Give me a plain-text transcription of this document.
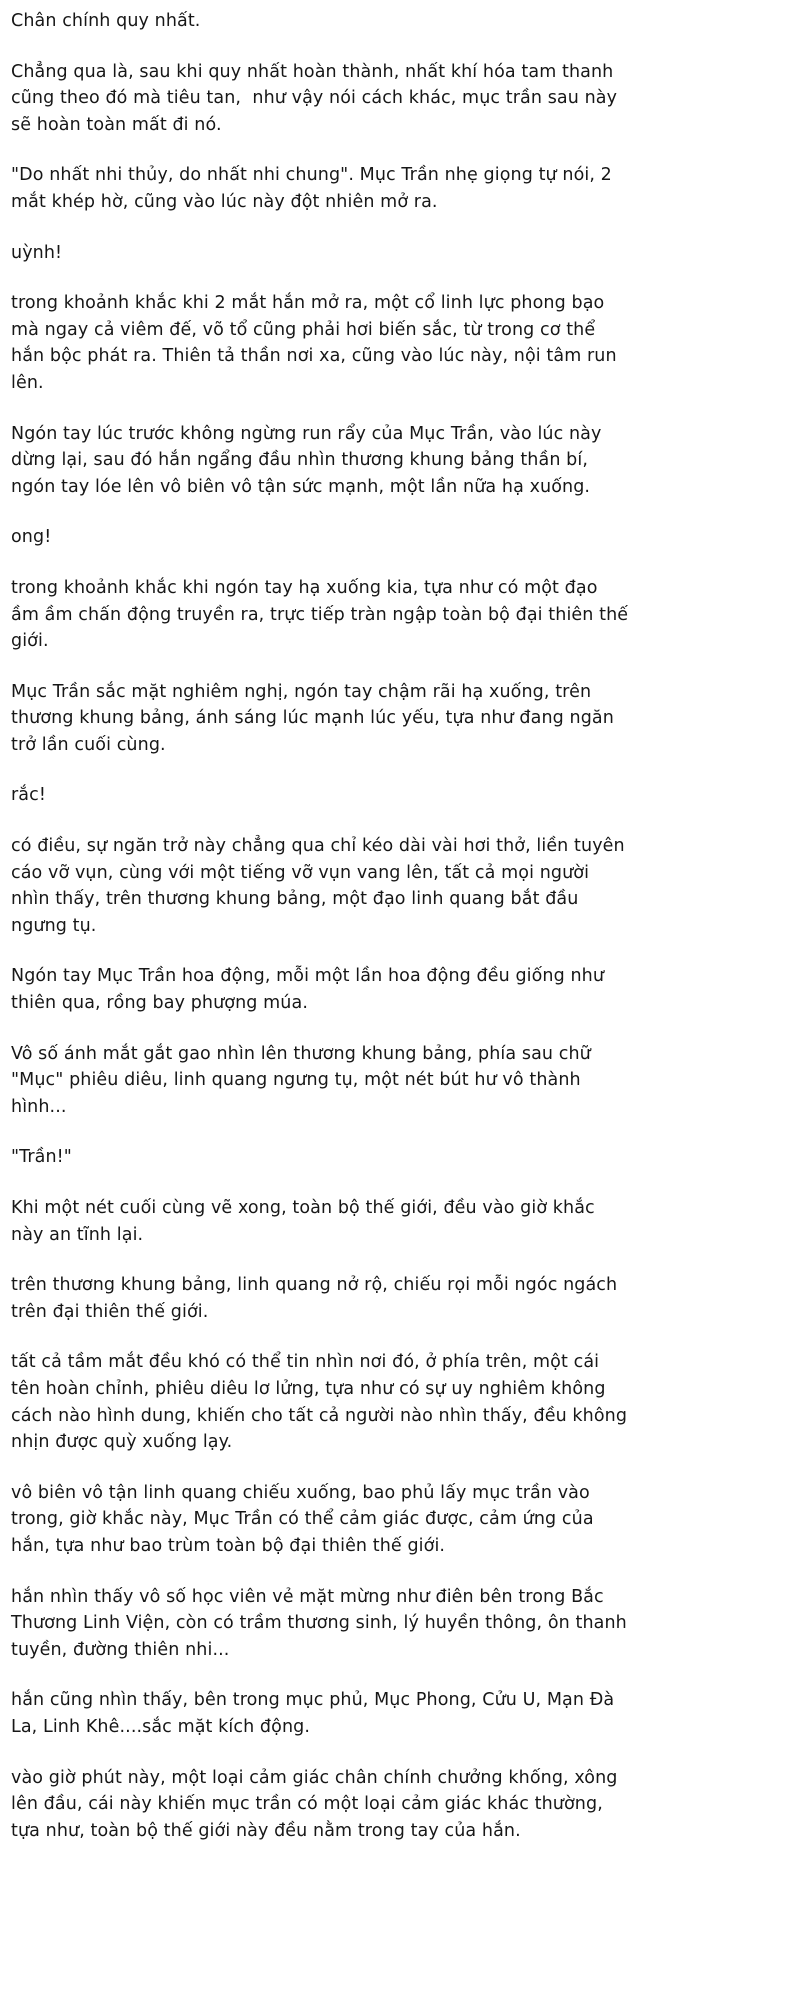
Chân chính quy nhất.

Chẳng qua là, sau khi quy nhất hoàn thành, nhất khí hóa tam thanh cũng theo đó mà tiêu tan,  như vậy nói cách khác, mục trần sau này sẽ hoàn toàn mất đi nó.

"Do nhất nhi thủy, do nhất nhi chung". Mục Trần nhẹ giọng tự nói, 2 mắt khép hờ, cũng vào lúc này đột nhiên mở ra.

uỳnh!

trong khoảnh khắc khi 2 mắt hắn mở ra, một cổ linh lực phong bạo mà ngay cả viêm đế, võ tổ cũng phải hơi biến sắc, từ trong cơ thể hắn bộc phát ra. Thiên tả thần nơi xa, cũng vào lúc này, nội tâm run lên.

Ngón tay lúc trước không ngừng run rẩy của Mục Trần, vào lúc này dừng lại, sau đó hắn ngẩng đầu nhìn thương khung bảng thần bí, ngón tay lóe lên vô biên vô tận sức mạnh, một lần nữa hạ xuống.

ong!

trong khoảnh khắc khi ngón tay hạ xuống kia, tựa như có một đạo ầm ầm chấn động truyền ra, trực tiếp tràn ngập toàn bộ đại thiên thế giới.

Mục Trần sắc mặt nghiêm nghị, ngón tay chậm rãi hạ xuống, trên thương khung bảng, ánh sáng lúc mạnh lúc yếu, tựa như đang ngăn trở lần cuối cùng.

rắc!

có điều, sự ngăn trở này chẳng qua chỉ kéo dài vài hơi thở, liền tuyên cáo vỡ vụn, cùng với một tiếng vỡ vụn vang lên, tất cả mọi người nhìn thấy, trên thương khung bảng, một đạo linh quang bắt đầu ngưng tụ.

Ngón tay Mục Trần hoa động, mỗi một lần hoa động đều giống như thiên qua, rồng bay phượng múa.

Vô số ánh mắt gắt gao nhìn lên thương khung bảng, phía sau chữ "Mục" phiêu diêu, linh quang ngưng tụ, một nét bút hư vô thành hình...

"Trần!"

Khi một nét cuối cùng vẽ xong, toàn bộ thế giới, đều vào giờ khắc này an tĩnh lại.

trên thương khung bảng, linh quang nở rộ, chiếu rọi mỗi ngóc ngách trên đại thiên thế giới.

tất cả tầm mắt đều khó có thể tin nhìn nơi đó, ở phía trên, một cái tên hoàn chỉnh, phiêu diêu lơ lửng, tựa như có sự uy nghiêm không cách nào hình dung, khiến cho tất cả người nào nhìn thấy, đều không nhịn được quỳ xuống lạy.

vô biên vô tận linh quang chiếu xuống, bao phủ lấy mục trần vào trong, giờ khắc này, Mục Trần có thể cảm giác được, cảm ứng của hắn, tựa như bao trùm toàn bộ đại thiên thế giới.

hắn nhìn thấy vô số học viên vẻ mặt mừng như điên bên trong Bắc Thương Linh Viện, còn có trầm thương sinh, lý huyền thông, ôn thanh tuyền, đường thiên nhi...

hắn cũng nhìn thấy, bên trong mục phủ, Mục Phong, Cửu U, Mạn Đà La, Linh Khê....sắc mặt kích động.

vào giờ phút này, một loại cảm giác chân chính chưởng khống, xông lên đầu, cái này khiến mục trần có một loại cảm giác khác thường, tựa như, toàn bộ thế giới này đều nằm trong tay của hắn.
